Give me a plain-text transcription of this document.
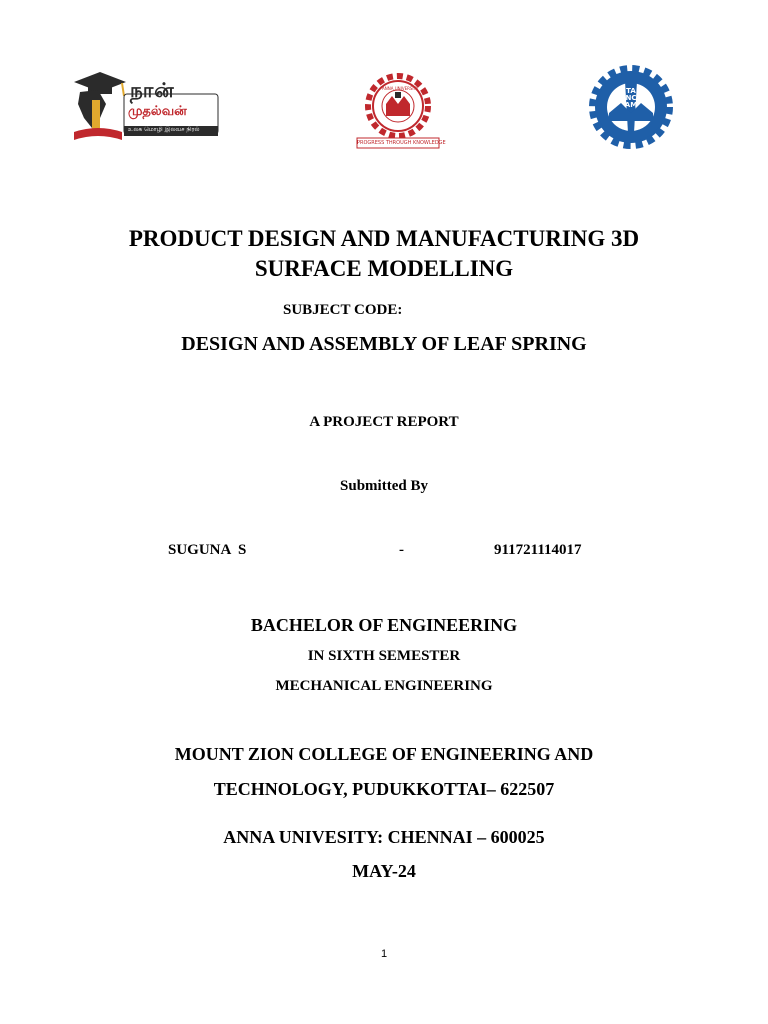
நான்
முதல்வன்
உலக மொழி இலவச நிரல்
ANNA UNIVERSITY
PROGRESS THROUGH KNOWLEDGE
TANCAM
PRODUCT DESIGN AND MANUFACTURING 3D
SURFACE MODELLING
SUBJECT CODE:
DESIGN AND ASSEMBLY OF LEAF SPRING
A PROJECT REPORT
Submitted By
SUGUNA  S	-	911721114017
BACHELOR OF ENGINEERING
IN SIXTH SEMESTER
MECHANICAL ENGINEERING
MOUNT ZION COLLEGE OF ENGINEERING AND
TECHNOLOGY, PUDUKKOTTAI– 622507
ANNA UNIVESITY: CHENNAI – 600025
MAY-24
1
